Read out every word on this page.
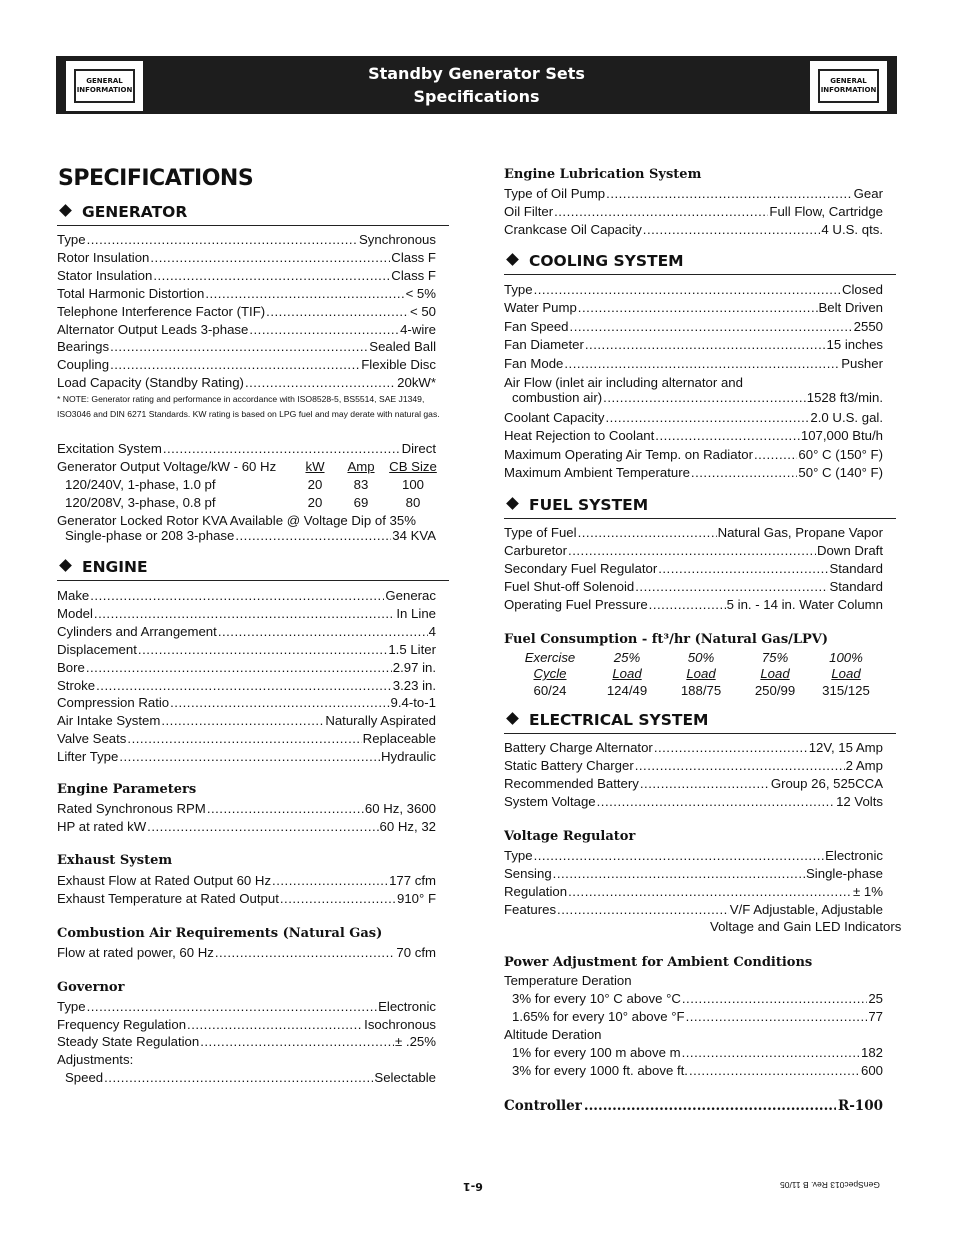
GENERAL
INFORMATION
Standby Generator Sets
Specifications
GENERAL
INFORMATION
SPECIFICATIONS
GENERATOR
Type .....	Synchronous
Rotor Insulation .....	Class F
Stator Insulation .....	Class F
Total Harmonic Distortion .....	< 5%
Telephone Interference Factor (TIF) .....	< 50
Alternator Output Leads 3-phase .....	4-wire
Bearings .....	Sealed Ball
Coupling .....	Flexible Disc
Load Capacity (Standby Rating) .....	20kW*
* NOTE: Generator rating and performance in accordance with ISO8528-5, BS5514, SAE J1349, ISO3046 and DIN 6271 Standards. KW rating is based on LPG fuel and may derate with natural gas.
Excitation System .....	Direct
Generator Output Voltage/kW - 60 Hz kW	Amp	CB Size
120/240V, 1-phase, 1.0 pf	20	83	100
120/208V, 3-phase, 0.8 pf	20	69	80
Generator Locked Rotor KVA Available @ Voltage Dip of 35%
Single-phase or 208 3-phase .....	34 KVA
ENGINE
Make .....	Generac
Model .....	In Line
Cylinders and Arrangement .....	4
Displacement .....	1.5 Liter
Bore .....	2.97 in.
Stroke .....	3.23 in.
Compression Ratio .....	9.4-to-1
Air Intake System .....	Naturally Aspirated
Valve Seats .....	Replaceable
Lifter Type .....	Hydraulic
Engine Parameters
Rated Synchronous RPM .....	60 Hz, 3600
HP at rated kW .....	60 Hz, 32
Exhaust System
Exhaust Flow at Rated Output 60 Hz .....	177 cfm
Exhaust Temperature at Rated Output .....	910° F
Combustion Air Requirements (Natural Gas)
Flow at rated power, 60 Hz .....	70 cfm
Governor
Type .....	Electronic
Frequency Regulation .....	Isochronous
Steady State Regulation .....	± .25%
Adjustments:
Speed .....	Selectable
Engine Lubrication System
Type of Oil Pump .....	Gear
Oil Filter .....	Full Flow, Cartridge
Crankcase Oil Capacity .....	4 U.S. qts.
COOLING SYSTEM
Type .....	Closed
Water Pump .....	Belt Driven
Fan Speed .....	2550
Fan Diameter .....	15 inches
Fan Mode .....	Pusher
Air Flow (inlet air including alternator and
combustion air) .....	1528 ft3/min.
Coolant Capacity .....	2.0 U.S. gal.
Heat Rejection to Coolant .....	107,000 Btu/h
Maximum Operating Air Temp. on Radiator .....	60° C (150° F)
Maximum Ambient Temperature .....	50° C (140° F)
FUEL SYSTEM
Type of Fuel .....	Natural Gas, Propane Vapor
Carburetor .....	Down Draft
Secondary Fuel Regulator .....	Standard
Fuel Shut-off Solenoid .....	Standard
Operating Fuel Pressure .....	5 in. - 14 in. Water Column
Fuel Consumption - ft³/hr (Natural Gas/LPV)
Exercise	25%	50%	75%	100%
Cycle	Load	Load	Load	Load
60/24	124/49	188/75	250/99	315/125
ELECTRICAL SYSTEM
Battery Charge Alternator .....	12V, 15 Amp
Static Battery Charger .....	2 Amp
Recommended Battery .....	Group 26, 525CCA
System Voltage .....	12 Volts
Voltage Regulator
Type .....	Electronic
Sensing .....	Single-phase
Regulation .....	± 1%
Features .....	V/F Adjustable, Adjustable
Voltage and Gain LED Indicators
Power Adjustment for Ambient Conditions
Temperature Deration
3% for every 10° C above °C .....	25
1.65% for every 10° above °F .....	77
Altitude Deration
1% for every 100 m above m .....	182
3% for every 1000 ft. above ft. .....	600
Controller .....	R-100
6-1	GenSpec013 Rev. B 11/05
